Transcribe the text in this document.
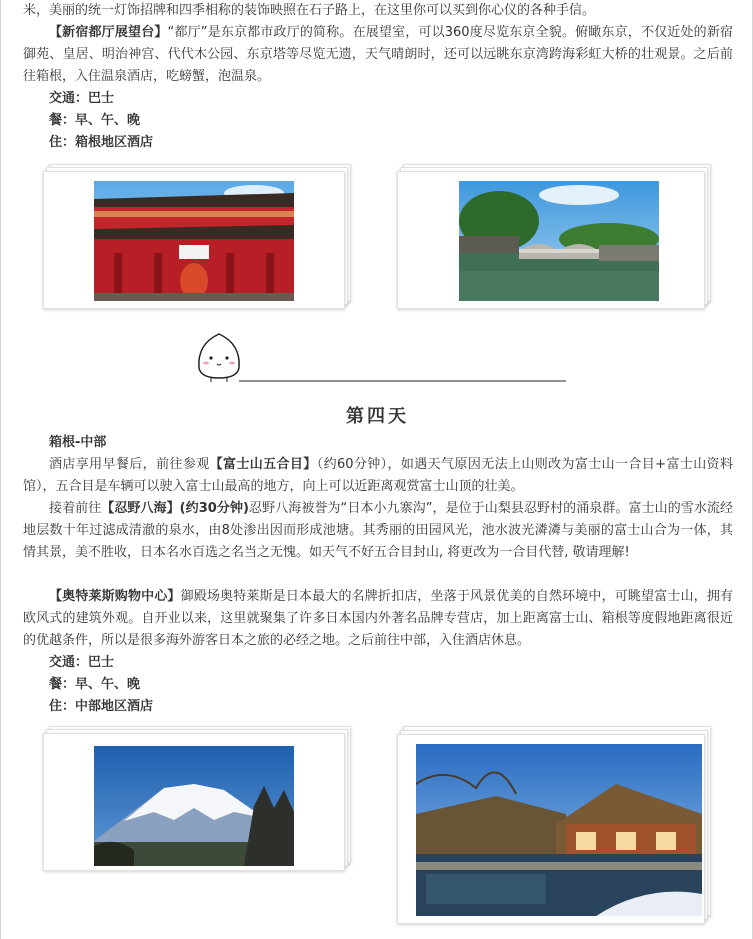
米，美丽的统一灯饰招牌和四季相称的装饰映照在石子路上，在这里你可以买到你心仪的各种手信。
【新宿都厅展望台】“都厅”是东京都市政厅的简称。在展望室，可以360度尽览东京全貌。俯瞰东京，不仅近处的新宿御苑、皇居、明治神宫、代代木公园、东京塔等尽览无遗，天气晴朗时，还可以远眺东京湾跨海彩虹大桥的壮观景。之后前往箱根，入住温泉酒店，吃螃蟹，泡温泉。
交通：巴士
餐：早、午、晚
住：箱根地区酒店
第四天
箱根-中部
酒店享用早餐后，前往参观【富士山五合目】（约60分钟），如遇天气原因无法上山则改为富士山一合目+富士山资料馆），五合目是车辆可以驶入富士山最高的地方，向上可以近距离观赏富士山顶的壮美。
接着前往【忍野八海】(约30分钟)忍野八海被誉为“日本小九寨沟”，是位于山梨县忍野村的涌泉群。富士山的雪水流经地层数十年过滤成清澈的泉水，由8处渗出因而形成池塘。其秀丽的田园风光，池水波光潾潾与美丽的富士山合为一体，其情其景，美不胜收，日本名水百选之名当之无愧。如天气不好五合目封山, 将更改为一合目代替, 敬请理解!
【奥特莱斯购物中心】御殿场奥特莱斯是日本最大的名牌折扣店，坐落于风景优美的自然环境中，可眺望富士山，拥有欧风式的建筑外观。自开业以来，这里就聚集了许多日本国内外著名品牌专营店，加上距离富士山、箱根等度假地距离很近的优越条件，所以是很多海外游客日本之旅的必经之地。之后前往中部，入住酒店休息。
交通：巴士
餐：早、午、晚
住：中部地区酒店
